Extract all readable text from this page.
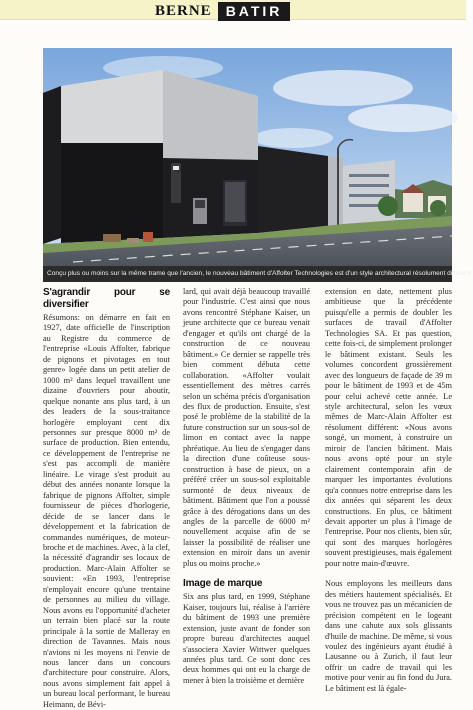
BERNE	BATIR
Affolter
Conçu plus ou moins sur la même trame que l'ancien, le nouveau bâtiment d'Affolter Technologies est d'un style architectural résolument différent.
S'agrandir pour se diversifier

Résumons: on démarre en fait en 1927, date officielle de l'inscription au Registre du commerce de l'entreprise «Louis Affolter, fabrique de pignons et pivotages en tout genre» logée dans un petit atelier de 1000 m² dans lequel travaillent une dizaine d'ouvriers pour aboutir, quelque nonante ans plus tard, à un des leaders de la sous-traitance horlogère employant cent dix personnes sur presque 8000 m² de surface de production. Bien entendu, ce développement de l'entreprise ne s'est pas accompli de manière linéaire. Le virage s'est produit au début des années nonante lorsque la fabrique de pignons Affolter, simple fournisseur de pièces d'horlogerie, décide de se lancer dans le développement et la fabrication de commandes numériques, de moteur-broche et de machines. Avec, à la clef, la nécessité d'agrandir ses locaux de production. Marc-Alain Affolter se souvient: «En 1993, l'entreprise n'employait encore qu'une trentaine de personnes au milieu du village. Nous avons eu l'opportunité d'acheter un terrain bien placé sur la route principale à la sortie de Malleray en direction de Tavannes. Mais nous n'avions ni les moyens ni l'envie de nous lancer dans un concours d'architecture pour construire. Alors, nous avons simplement fait appel à un bureau local performant, le bureau Heimann, de Bévi-

lard, qui avait déjà beaucoup travaillé pour l'industrie. C'est ainsi que nous avons rencontré Stéphane Kaiser, un jeune architecte que ce bureau venait d'engager et qu'ils ont chargé de la construction de ce nouveau bâtiment.» Ce dernier se rappelle très bien comment débuta cette collaboration. «Affolter voulait essentiellement des mètres carrés selon un schéma précis d'organisation des flux de production. Ensuite, s'est posé le problème de la stabilité de la future construction sur un sous-sol de limon en contact avec la nappe phréatique. Au lieu de s'engager dans la direction d'une coûteuse sous-construction à base de pieux, on a préféré créer un sous-sol exploitable surmonté de deux niveaux de bâtiment. Bâtiment que l'on a poussé grâce à des dérogations dans un des angles de la parcelle de 6000 m² nouvellement acquise afin de se laisser la possibilité de réaliser une extension en miroir dans un avenir plus ou moins proche.»

Image de marque

Six ans plus tard, en 1999, Stéphane Kaiser, toujours lui, réalise à l'arrière du bâtiment de 1993 une première extension, juste avant de fonder son propre bureau d'architectes auquel s'associera Xavier Wittwer quelques années plus tard. Ce sont donc ces deux hommes qui ont eu la charge de mener à bien la troisième et dernière

extension en date, nettement plus ambitieuse que la précédente puisqu'elle a permis de doubler les surfaces de travail d'Affolter Technologies SA. Et pas question, cette fois-ci, de simplement prolonger le bâtiment existant. Seuls les volumes concordent grossièrement avec des longueurs de façade de 39 m pour le bâtiment de 1993 et de 45m pour celui achevé cette année. Le style architectural, selon les vœux mêmes de Marc-Alain Affolter est résolument différent: «Nous avons songé, un moment, à construire un miroir de l'ancien bâtiment. Mais nous avons opté pour un style clairement contemporain afin de marquer les importantes évolutions qu'a connues notre entreprise dans les dix années qui séparent les deux constructions. En plus, ce bâtiment devait apporter un plus à l'image de l'entreprise. Pour nos clients, bien sûr, qui sont des marques horlogères souvent prestigieuses, mais également pour notre main-d'œuvre.

Nous employons les meilleurs dans des métiers hautement spécialisés. Et vous ne trouvez pas un mécanicien de précision compétent en le logeant dans une cahute aux sols glissants d'huile de machine. De même, si vous voulez des ingénieurs ayant étudié à Lausanne ou à Zurich, il faut leur offrir un cadre de travail qui les motive pour venir au fin fond du Jura. Le bâtiment est là égale-
